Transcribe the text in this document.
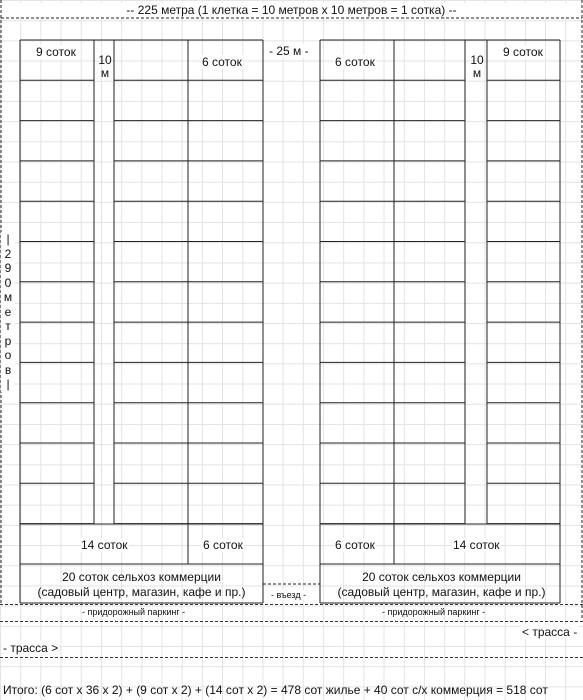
-- 225 метра (1 клетка = 10 метров х 10 метров = 1 сотка) --
9 соток
6 соток
10
м
- 25 м -
6 соток	10
м
9 соток
|
2
9
0
м
е
т
р
о
в
|
14 соток	6 соток	6 соток	14 соток
20 соток сельхоз коммерции
(садовый центр, магазин, кафе и пр.)
20 соток сельхоз коммерции
(садовый центр, магазин, кафе и пр.)
- въезд -
- придорожный паркинг -	- придорожный паркинг -
< трасса -
- трасса >
Итого: (6 сот х 36 х 2) + (9 сот х 2) + (14 сот х 2) = 478 сот жилье + 40 сот с/х коммерция = 518 сот
